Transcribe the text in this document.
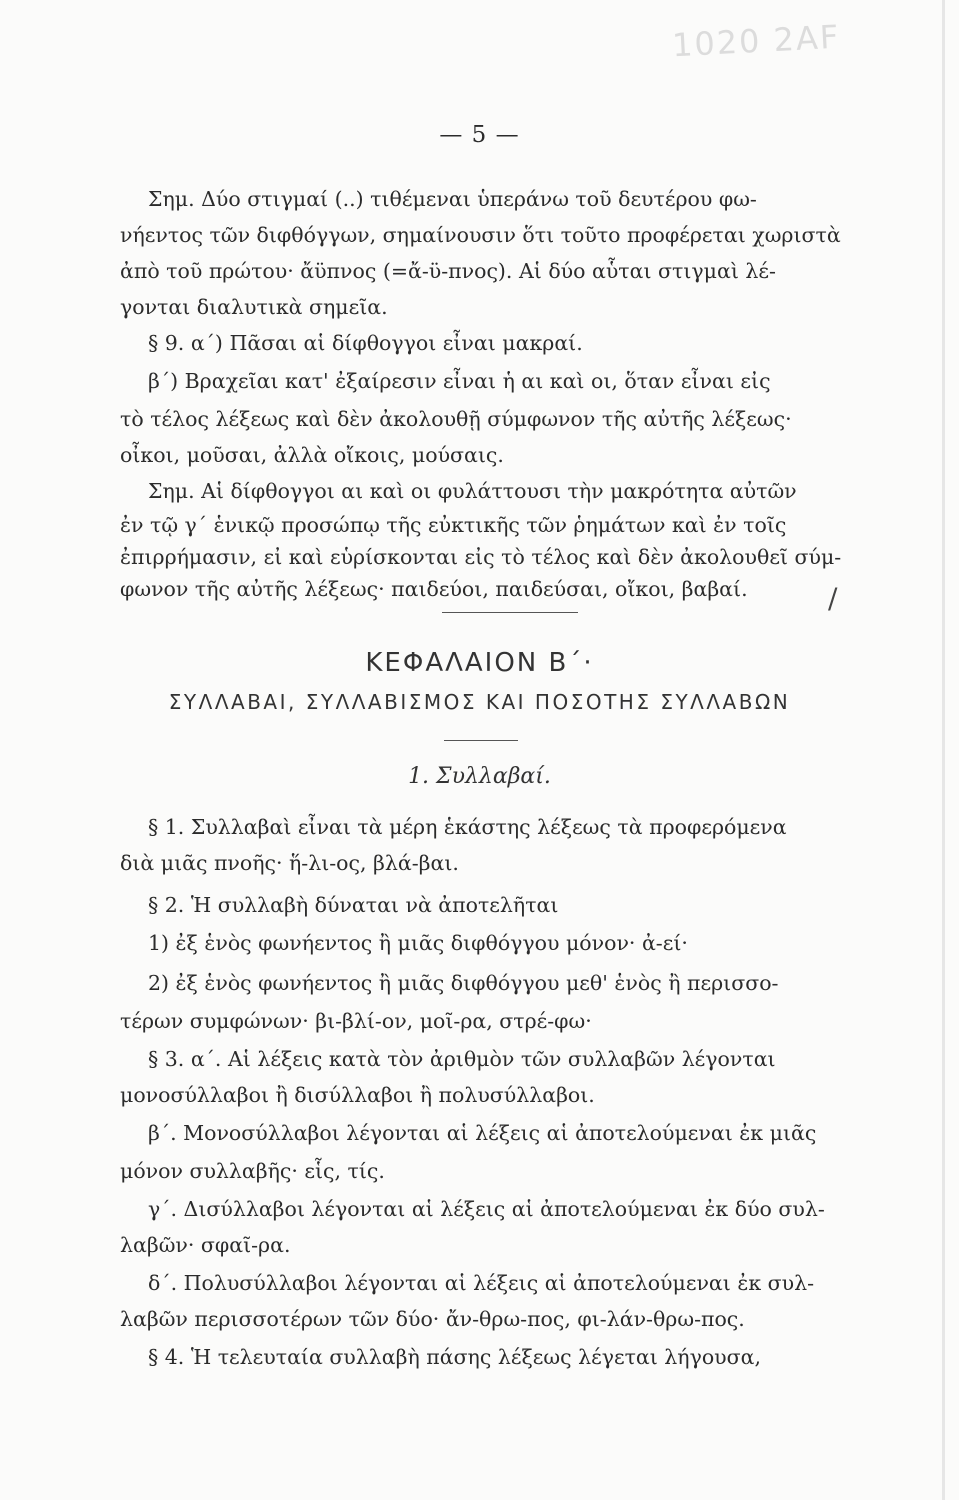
1020 2AF
— 5 —
Σημ. Δύο στιγμαί (..) τιθέμεναι ὑπεράνω τοῦ δευτέρου φω-
νήεντος τῶν διφθόγγων, σημαίνουσιν ὅτι τοῦτο προφέρεται χωριστὰ
ἀπὸ τοῦ πρώτου· ἄϋπνος (=ἄ-ϋ-πνος). Αἱ δύο αὗται στιγμαὶ λέ-
γονται διαλυτικὰ σημεῖα.
§ 9. α΄) Πᾶσαι αἱ δίφθογγοι εἶναι μακραί.
β΄) Βραχεῖαι κατ' ἐξαίρεσιν εἶναι ἡ αι καὶ οι, ὅταν εἶναι εἰς
τὸ τέλος λέξεως καὶ δὲν ἀκολουθῇ σύμφωνον τῆς αὐτῆς λέξεως·
οἶκοι, μοῦσαι, ἀλλὰ οἴκοις, μούσαις.
Σημ. Αἱ δίφθογγοι αι καὶ οι φυλάττουσι τὴν μακρότητα αὐτῶν
ἐν τῷ γ΄ ἑνικῷ προσώπῳ τῆς εὐκτικῆς τῶν ῥημάτων καὶ ἐν τοῖς
ἐπιρρήμασιν, εἰ καὶ εὑρίσκονται εἰς τὸ τέλος καὶ δὲν ἀκολουθεῖ σύμ-
φωνον τῆς αὐτῆς λέξεως· παιδεύοι, παιδεύσαι, οἴκοι, βαβαί.	/
ΚΕΦΑΛΑΙΟΝ Β΄·
ΣΥΛΛΑΒΑΙ, ΣΥΛΛΑΒΙΣΜΟΣ ΚΑΙ ΠΟΣΟΤΗΣ ΣΥΛΛΑΒΩΝ
1. Συλλαβαί.
§ 1. Συλλαβαὶ εἶναι τὰ μέρη ἑκάστης λέξεως τὰ προφερόμενα
διὰ μιᾶς πνοῆς· ἥ-λι-ος, βλά-βαι.
§ 2. Ἡ συλλαβὴ δύναται νὰ ἀποτελῆται
1) ἐξ ἑνὸς φωνήεντος ἢ μιᾶς διφθόγγου μόνον· ἀ-εί·
2) ἐξ ἑνὸς φωνήεντος ἢ μιᾶς διφθόγγου μεθ' ἑνὸς ἢ περισσο-
τέρων συμφώνων· βι-βλί-ον, μοῖ-ρα, στρέ-φω·
§ 3. α΄. Αἱ λέξεις κατὰ τὸν ἀριθμὸν τῶν συλλαβῶν λέγονται
μονοσύλλαβοι ἢ δισύλλαβοι ἢ πολυσύλλαβοι.
β΄. Μονοσύλλαβοι λέγονται αἱ λέξεις αἱ ἀποτελούμεναι ἐκ μιᾶς
μόνον συλλαβῆς· εἷς, τίς.
γ΄. Δισύλλαβοι λέγονται αἱ λέξεις αἱ ἀποτελούμεναι ἐκ δύο συλ-
λαβῶν· σφαῖ-ρα.
δ΄. Πολυσύλλαβοι λέγονται αἱ λέξεις αἱ ἀποτελούμεναι ἐκ συλ-
λαβῶν περισσοτέρων τῶν δύο· ἄν-θρω-πος, φι-λάν-θρω-πος.
§ 4. Ἡ τελευταία συλλαβὴ πάσης λέξεως λέγεται λήγουσα,
